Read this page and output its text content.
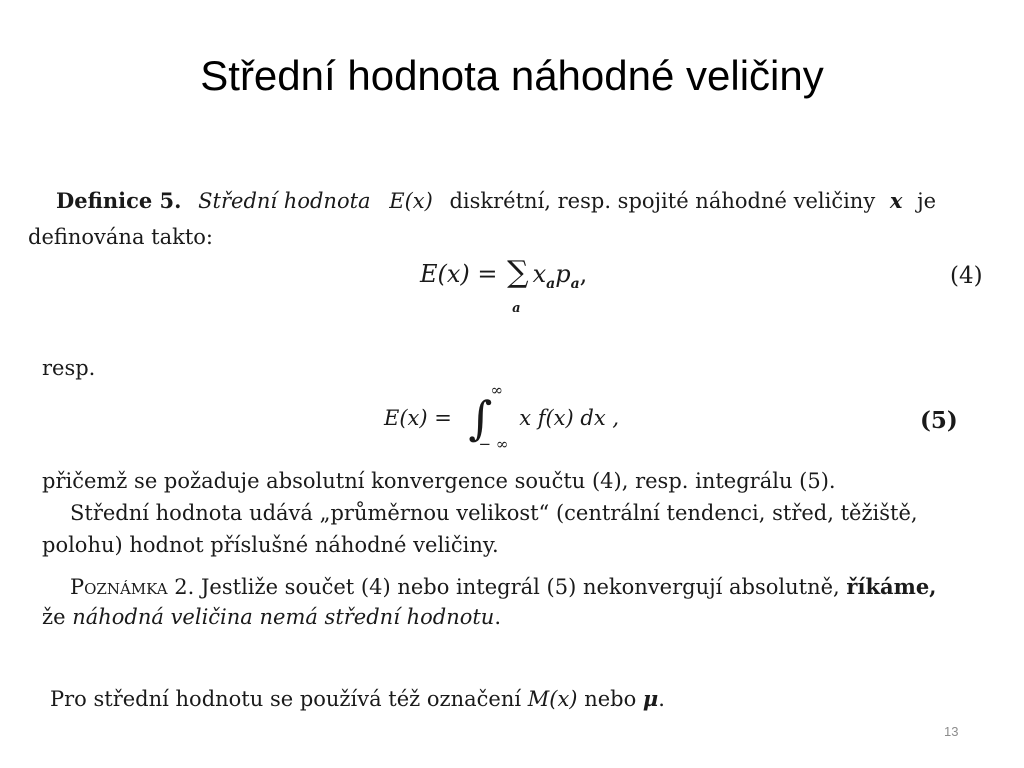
Střední hodnota náhodné veličiny
Definice 5. Střední hodnota E(x) diskrétní, resp. spojité náhodné veličiny x je
definována takto:
E(x) = ∑
a
$x_ap_a$,	(4)
resp.
E(x) = ∫
∞
− ∞
x f(x) dx ,	(5)
přičemž se požaduje absolutní konvergence součtu (4), resp. integrálu (5).
Střední hodnota udává „průměrnou velikost“ (centrální tendenci, střed, těžiště,
polohu) hodnot příslušné náhodné veličiny.
Poznámka 2. Jestliže součet (4) nebo integrál (5) nekonvergují absolutně, říkáme,
že náhodná veličina nemá střední hodnotu.
Pro střední hodnotu se používá též označení M(x) nebo μ.
13
